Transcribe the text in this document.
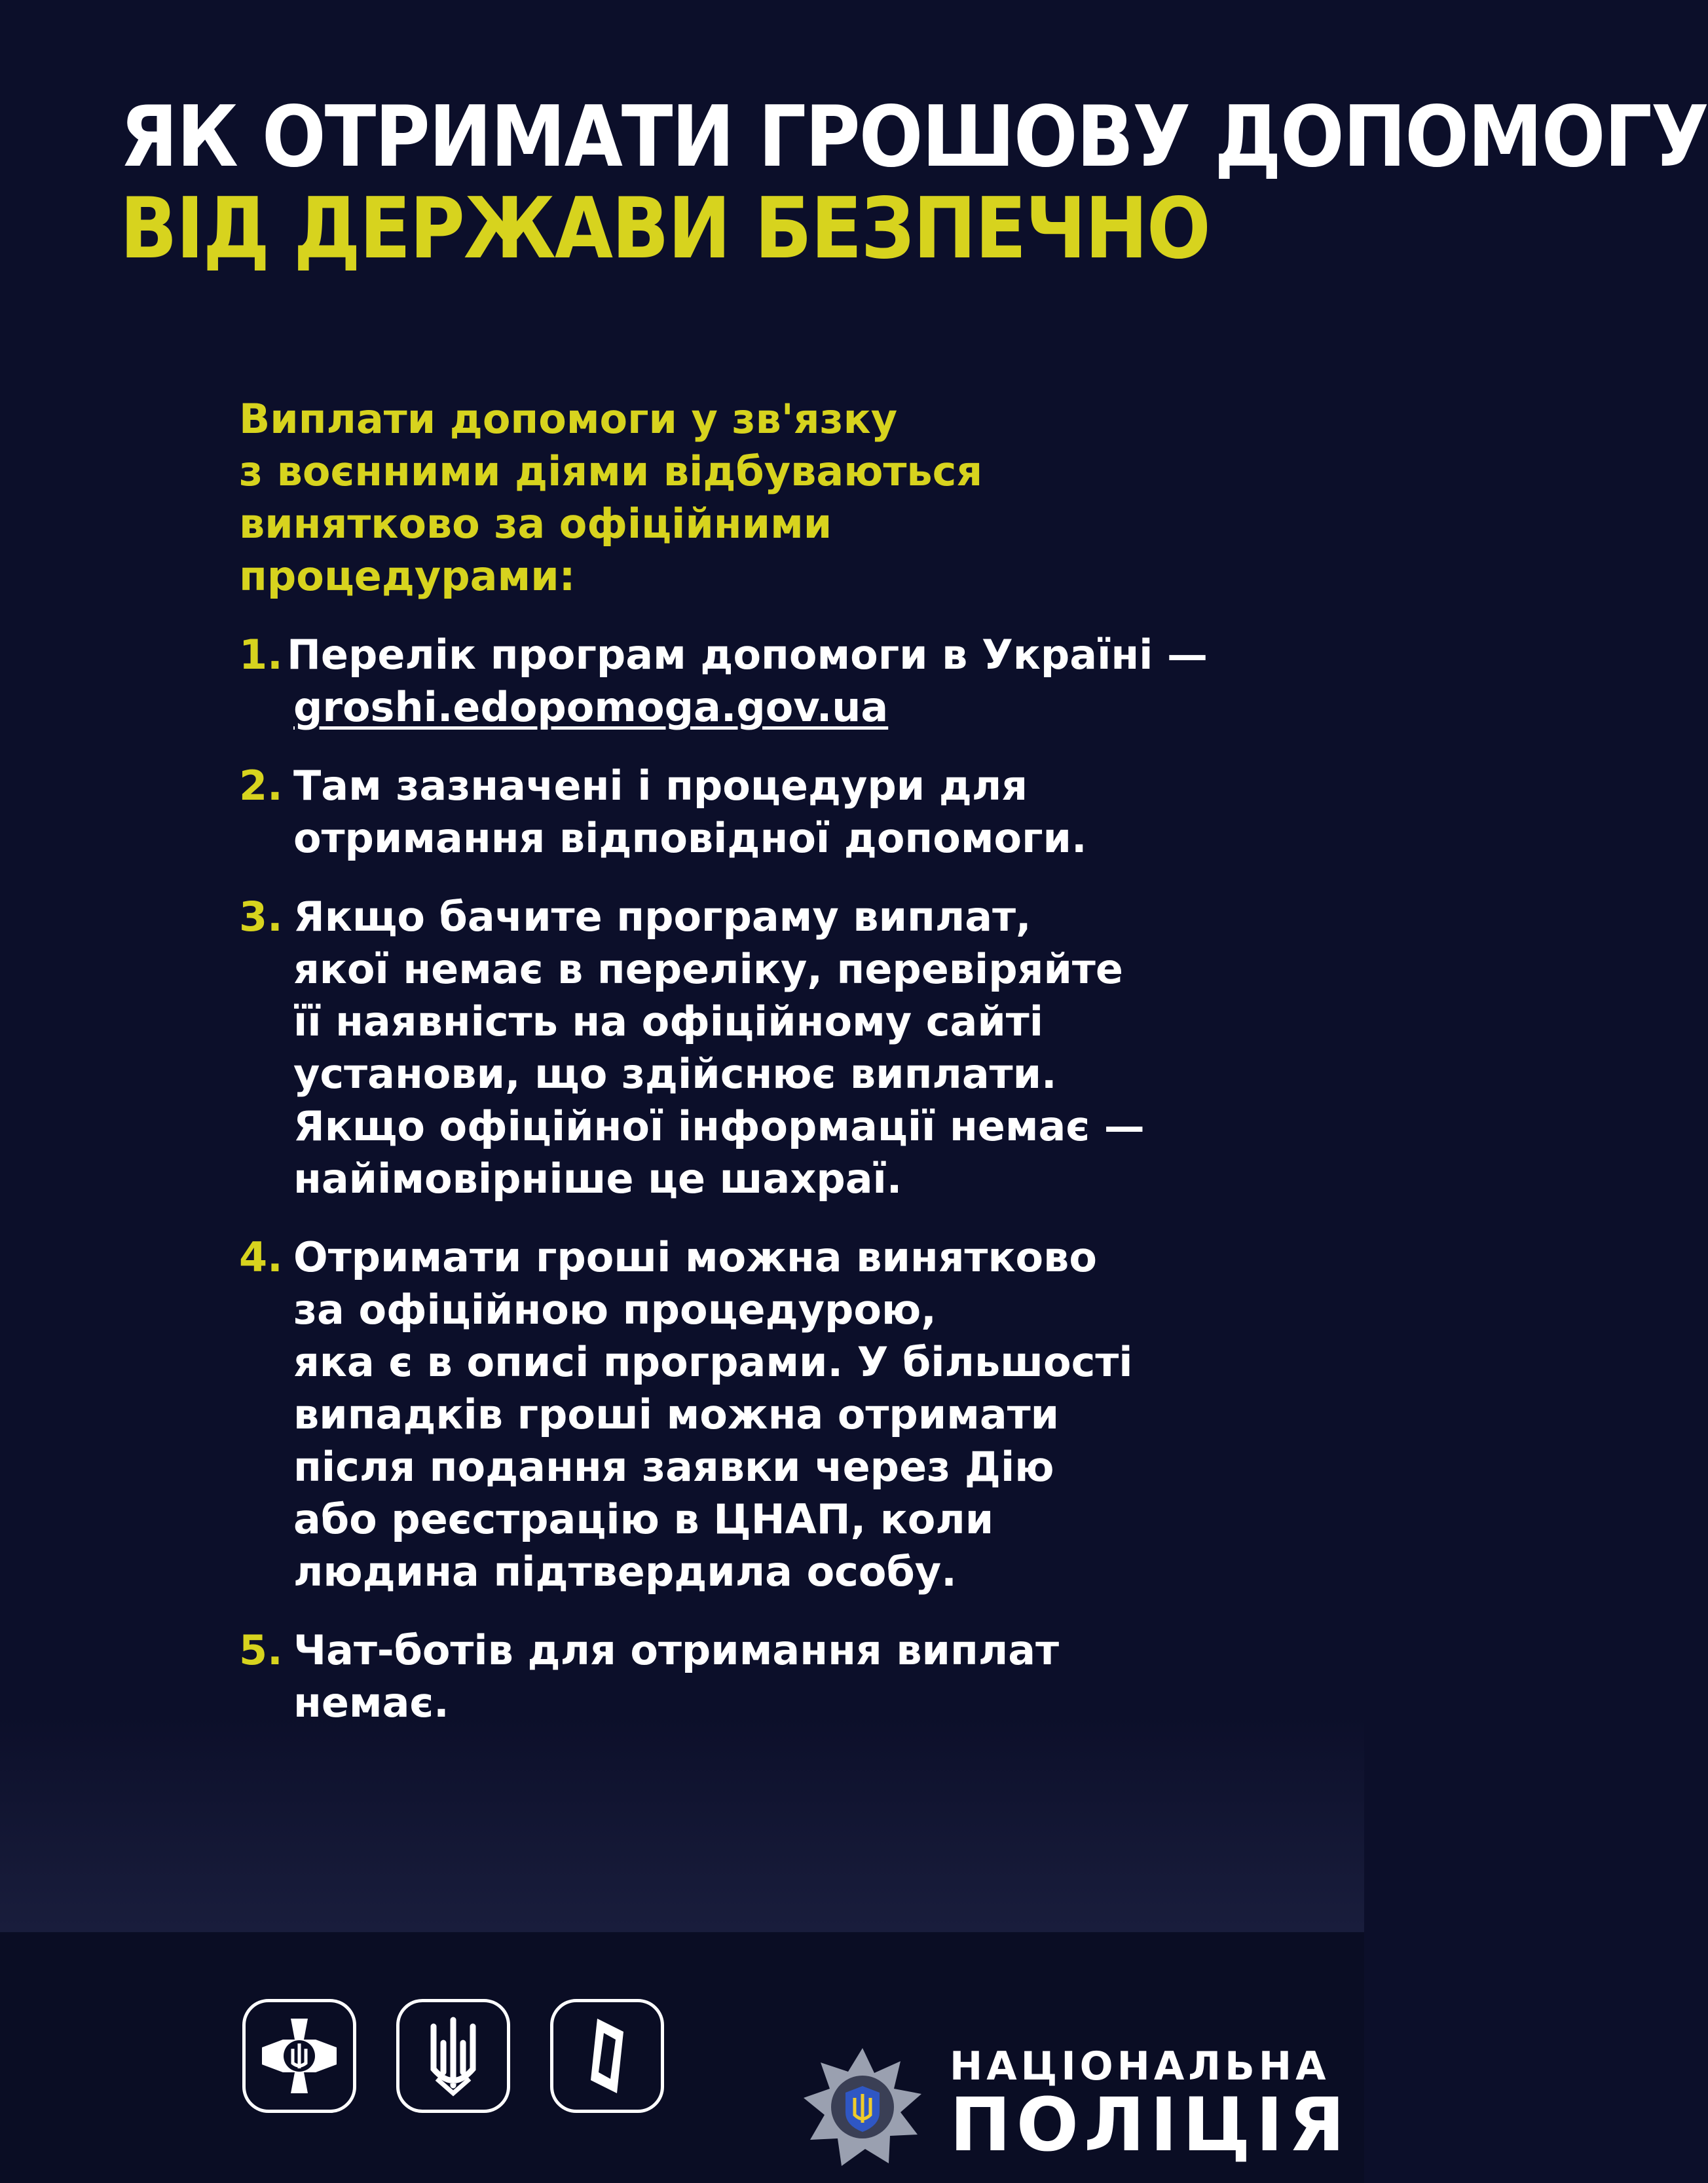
ЯК ОТРИМАТИ ГРОШОВУ ДОПОМОГУ
ВІД ДЕРЖАВИ БЕЗПЕЧНО
Виплати допомоги у зв'язку
з воєнними діями відбуваються
винятково за офіційними
процедурами:
1. Перелік програм допомоги в Україні —
groshi.edopomoga.gov.ua
2. Там зазначені і процедури для
отримання відповідної допомоги.
3. Якщо бачите програму виплат,
якої немає в переліку, перевіряйте
її наявність на офіційному сайті
установи, що здійснює виплати.
Якщо офіційної інформації немає —
найімовірніше це шахраї.
4. Отримати гроші можна винятково
за офіційною процедурою,
яка є в описі програми. У більшості
випадків гроші можна отримати
після подання заявки через Дію
або реєстрацію в ЦНАП, коли
людина підтвердила особу.
5. Чат-ботів для отримання виплат
немає.
НАЦІОНАЛЬНА
ПОЛІЦІЯ
